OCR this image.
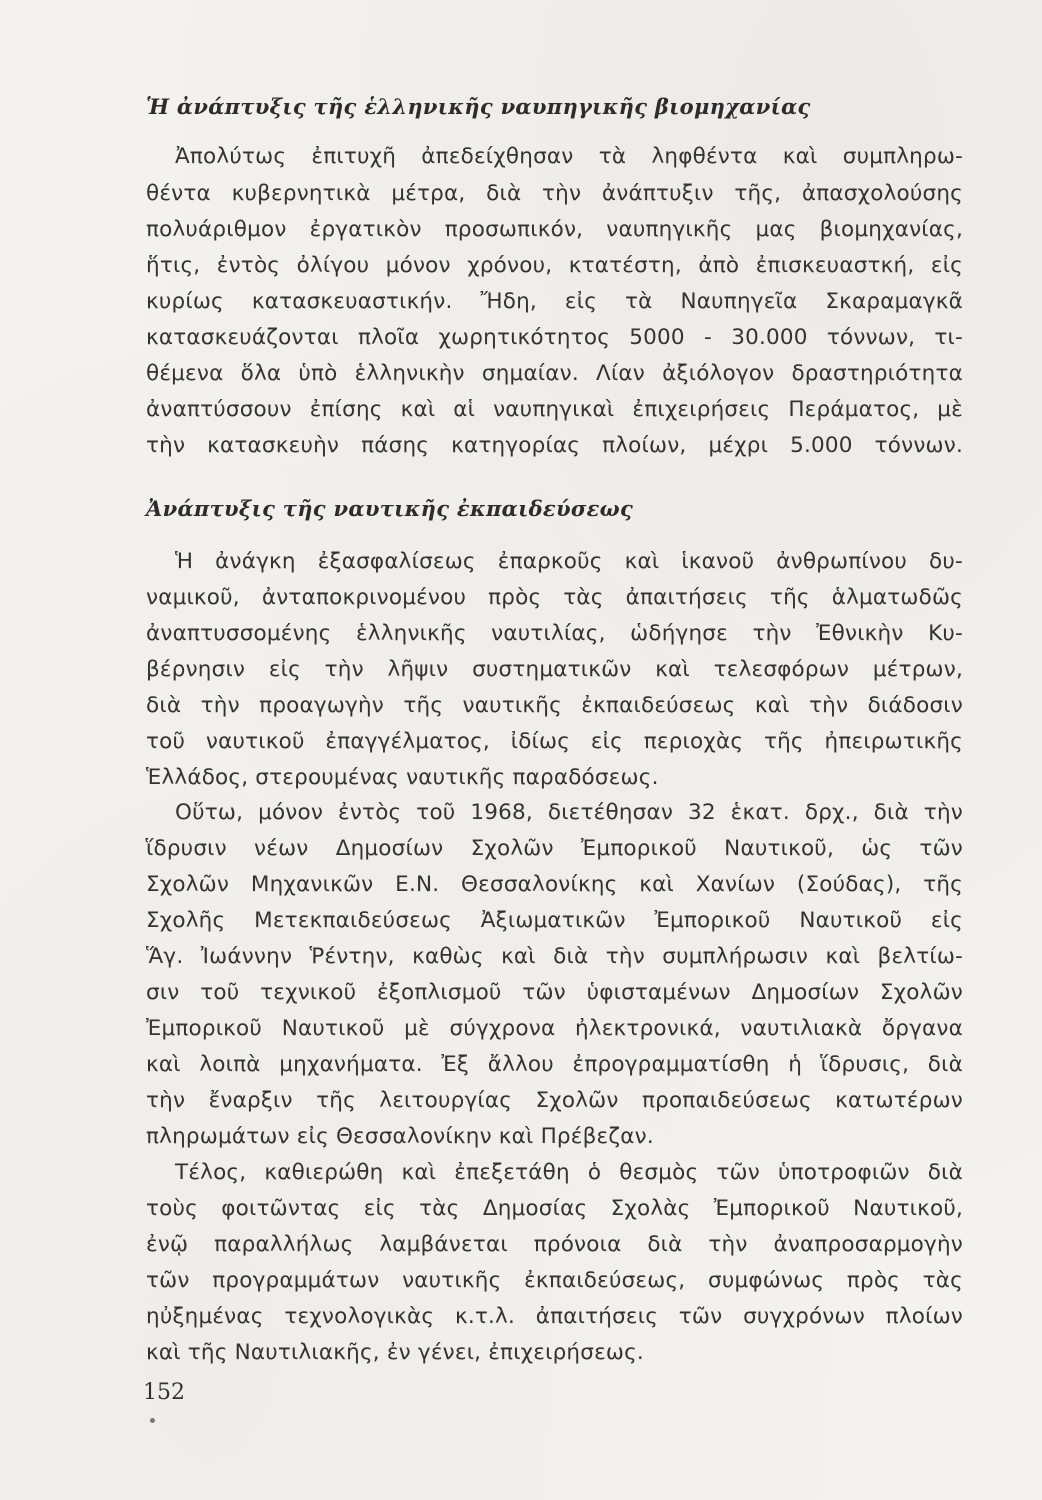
Ἡ ἀνάπτυξις τῆς ἑλληνικῆς ναυπηγικῆς βιομηχανίας
Ἀπολύτως ἐπιτυχῆ ἀπεδείχθησαν τὰ ληφθέντα καὶ συμπληρω-
θέντα κυβερνητικὰ μέτρα, διὰ τὴν ἀνάπτυξιν τῆς, ἀπασχολούσης
πολυάριθμον ἐργατικὸν προσωπικόν, ναυπηγικῆς μας βιομηχανίας,
ἥτις, ἐντὸς ὀλίγου μόνον χρόνου, κτατέστη, ἀπὸ ἐπισκευαστκή, εἰς
κυρίως κατασκευαστικήν. Ἤδη, εἰς τὰ Ναυπηγεῖα Σκαραμαγκᾶ
κατασκευάζονται πλοῖα χωρητικότητος 5000 - 30.000 τόννων, τι-
θέμενα ὅλα ὑπὸ ἑλληνικὴν σημαίαν. Λίαν ἀξιόλογον δραστηριότητα
ἀναπτύσσουν ἐπίσης καὶ αἱ ναυπηγικαὶ ἐπιχειρήσεις Περάματος, μὲ
τὴν κατασκευὴν πάσης κατηγορίας πλοίων, μέχρι 5.000 τόννων.
Ἀνάπτυξις τῆς ναυτικῆς ἐκπαιδεύσεως
Ἡ ἀνάγκη ἐξασφαλίσεως ἐπαρκοῦς καὶ ἱκανοῦ ἀνθρωπίνου δυ-
ναμικοῦ, ἀνταποκρινομένου πρὸς τὰς ἀπαιτήσεις τῆς ἁλματωδῶς
ἀναπτυσσομένης ἑλληνικῆς ναυτιλίας, ὡδήγησε τὴν Ἐθνικὴν Κυ-
βέρνησιν εἰς τὴν λῆψιν συστηματικῶν καὶ τελεσφόρων μέτρων,
διὰ τὴν προαγωγὴν τῆς ναυτικῆς ἐκπαιδεύσεως καὶ τὴν διάδοσιν
τοῦ ναυτικοῦ ἐπαγγέλματος, ἰδίως εἰς περιοχὰς τῆς ἠπειρωτικῆς
Ἑλλάδος, στερουμένας ναυτικῆς παραδόσεως.
Οὕτω, μόνον ἐντὸς τοῦ 1968, διετέθησαν 32 ἑκατ. δρχ., διὰ τὴν
ἵδρυσιν νέων Δημοσίων Σχολῶν Ἐμπορικοῦ Ναυτικοῦ, ὡς τῶν
Σχολῶν Μηχανικῶν Ε.Ν. Θεσσαλονίκης καὶ Χανίων (Σούδας), τῆς
Σχολῆς Μετεκπαιδεύσεως Ἀξιωματικῶν Ἐμπορικοῦ Ναυτικοῦ εἰς
Ἅγ. Ἰωάννην Ῥέντην, καθὼς καὶ διὰ τὴν συμπλήρωσιν καὶ βελτίω-
σιν τοῦ τεχνικοῦ ἐξοπλισμοῦ τῶν ὑφισταμένων Δημοσίων Σχολῶν
Ἐμπορικοῦ Ναυτικοῦ μὲ σύγχρονα ἠλεκτρονικά, ναυτιλιακὰ ὄργανα
καὶ λοιπὰ μηχανήματα. Ἐξ ἄλλου ἐπρογραμματίσθη ἡ ἵδρυσις, διὰ
τὴν ἔναρξιν τῆς λειτουργίας Σχολῶν προπαιδεύσεως κατωτέρων
πληρωμάτων εἰς Θεσσαλονίκην καὶ Πρέβεζαν.
Τέλος, καθιερώθη καὶ ἐπεξετάθη ὁ θεσμὸς τῶν ὑποτροφιῶν διὰ
τοὺς φοιτῶντας εἰς τὰς Δημοσίας Σχολὰς Ἐμπορικοῦ Ναυτικοῦ,
ἐνῷ παραλλήλως λαμβάνεται πρόνοια διὰ τὴν ἀναπροσαρμογὴν
τῶν προγραμμάτων ναυτικῆς ἐκπαιδεύσεως, συμφώνως πρὸς τὰς
ηὐξημένας τεχνολογικὰς κ.τ.λ. ἀπαιτήσεις τῶν συγχρόνων πλοίων
καὶ τῆς Ναυτιλιακῆς, ἐν γένει, ἐπιχειρήσεως.
152
